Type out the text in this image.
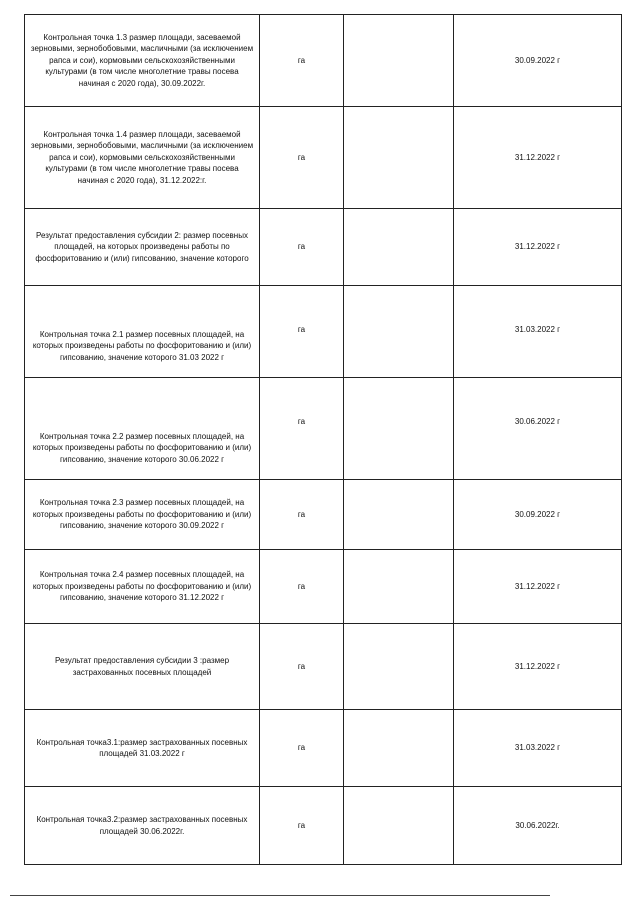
Контрольная точка 1.3 размер площади, засеваемой зерновыми, зернобобовыми, масличными (за исключением рапса и сои), кормовыми сельскохозяйственными культурами (в том числе многолетние травы посева начиная с 2020 года), 30.09.2022г.	га		30.09.2022 г
Контрольная точка 1.4 размер площади, засеваемой зерновыми, зернобобовыми, масличными (за исключением рапса и сои), кормовыми сельскохозяйственными культурами (в том числе многолетние травы посева начиная с 2020 года), 31.12.2022:г.	га		31.12.2022 г
Результат предоставления субсидии 2: размер посевных площадей, на которых произведены работы по фосфоритованию и (или) гипсованию, значение которого	га		31.12.2022 г
Контрольная точка 2.1 размер посевных площадей, на которых произведены работы по фосфоритованию и (или) гипсованию, значение которого 31.03 2022 г	га		31.03.2022 г
Контрольная точка 2.2 размер посевных площадей, на которых произведены работы по фосфоритованию и (или) гипсованию, значение которого 30.06.2022 г	га		30.06.2022 г
Контрольная точка 2.3 размер посевных площадей, на которых произведены работы по фосфоритованию и (или) гипсованию, значение которого 30.09.2022 г	га		30.09.2022 г
Контрольная точка 2.4 размер посевных площадей, на которых произведены работы по фосфоритованию и (или) гипсованию, значение которого 31.12.2022 г	га		31.12.2022 г
Результат предоставления субсидии 3 :размер застрахованных посевных площадей	га		31.12.2022 г
Контрольная точка3.1:размер застрахованных посевных площадей 31.03.2022 г	га		31.03.2022 г
Контрольная точка3.2:размер застрахованных посевных площадей 30.06.2022г.	га		30.06.2022г.
